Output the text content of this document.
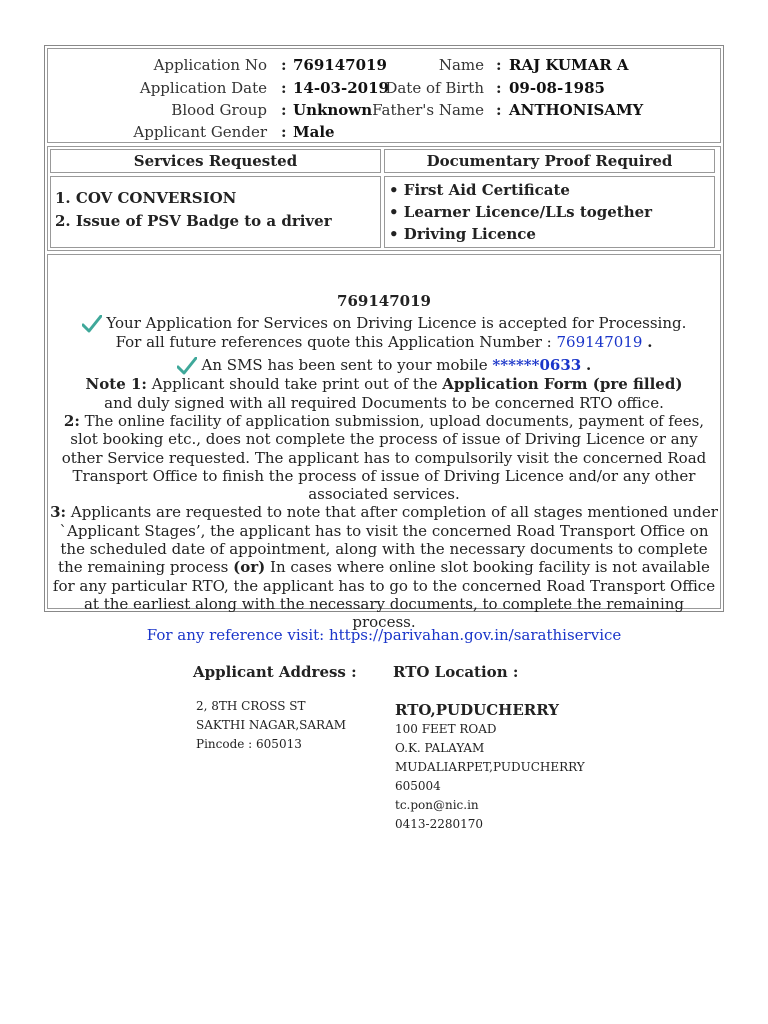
Application No : 769147019
Application Date : 14-03-2019
Blood Group : Unknown
Applicant Gender : Male
Name : RAJ KUMAR A
Date of Birth : 09-08-1985
Father's Name : ANTHONISAMY
Services Requested	Documentary Proof Required
1. COV CONVERSION
2. Issue of PSV Badge to a driver
• First Aid Certificate
• Learner Licence/LLs together
• Driving Licence

769147019

Your Application for Services on Driving Licence is accepted for Processing. For all future references quote this Application Number : 769147019 .

An SMS has been sent to your mobile ******0633 .

Note 1: Applicant should take print out of the Application Form (pre filled) and duly signed with all required Documents to be concerned RTO office.

2: The online facility of application submission, upload documents, payment of fees, slot booking etc., does not complete the process of issue of Driving Licence or any other Service requested. The applicant has to compulsorily visit the concerned Road Transport Office to finish the process of issue of Driving Licence and/or any other associated services.

3: Applicants are requested to note that after completion of all stages mentioned under `Applicant Stages’, the applicant has to visit the concerned Road Transport Office on the scheduled date of appointment, along with the necessary documents to complete the remaining process (or) In cases where online slot booking facility is not available for any particular RTO, the applicant has to go to the concerned Road Transport Office at the earliest along with the necessary documents, to complete the remaining process.

For any reference visit: https://parivahan.gov.in/sarathiservice
Applicant Address : RTO Location :
2, 8TH CROSS ST
SAKTHI NAGAR,SARAM
Pincode : 605013
RTO,PUDUCHERRY
100 FEET ROAD
O.K. PALAYAM
MUDALIARPET,PUDUCHERRY
605004
tc.pon@nic.in
0413-2280170
